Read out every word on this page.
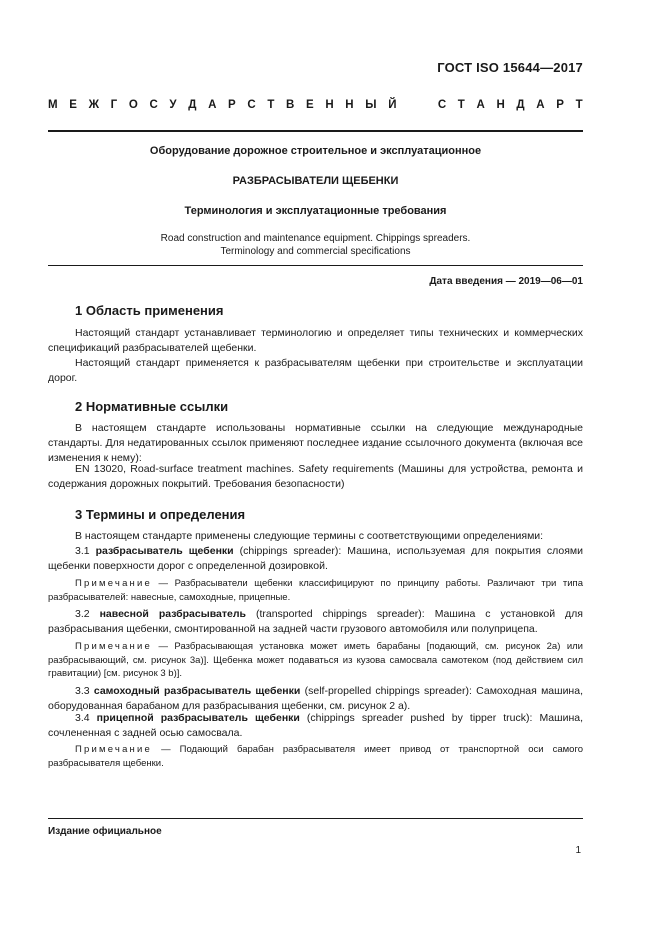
ГОСТ ISO 15644—2017
М Е Ж Г О С У Д А Р С Т В Е Н Н Ы Й

	С Т А Н Д А Р Т
Оборудование дорожное строительное и эксплуатационное
РАЗБРАСЫВАТЕЛИ ЩЕБЕНКИ
Терминология и эксплуатационные требования
Road construction and maintenance equipment. Chippings spreaders.
Terminology and commercial specifications
Дата введения — 2019—06—01
1 Область применения
Настоящий стандарт устанавливает терминологию и определяет типы технических и коммерческих спецификаций разбрасывателей щебенки.
Настоящий стандарт применяется к разбрасывателям щебенки при строительстве и эксплуатации дорог.
2 Нормативные ссылки
В настоящем стандарте использованы нормативные ссылки на следующие международные стандарты. Для недатированных ссылок применяют последнее издание ссылочного документа (включая все изменения к нему):
EN 13020, Road-surface treatment machines. Safety requirements (Машины для устройства, ремонта и содержания дорожных покрытий. Требования безопасности)
3 Термины и определения
В настоящем стандарте применены следующие термины с соответствующими определениями:
3.1 разбрасыватель щебенки (chippings spreader): Машина, используемая для покрытия слоями щебенки поверхности дорог с определенной дозировкой.
Примечание — Разбрасыватели щебенки классифицируют по принципу работы. Различают три типа разбрасывателей: навесные, самоходные, прицепные.
3.2 навесной разбрасыватель (transported chippings spreader): Машина с установкой для разбрасывания щебенки, смонтированной на задней части грузового автомобиля или полуприцепа.
Примечание — Разбрасывающая установка может иметь барабаны [подающий, см. рисунок 2а) или разбрасывающий, см. рисунок 3а)]. Щебенка может подаваться из кузова самосвала самотеком (под действием сил гравитации) [см. рисунок 3 b)].
3.3 самоходный разбрасыватель щебенки (self-propelled chippings spreader): Самоходная машина, оборудованная барабаном для разбрасывания щебенки, см. рисунок 2 а).
3.4 прицепной разбрасыватель щебенки (chippings spreader pushed by tipper truck): Машина, сочлененная с задней осью самосвала.
Примечание — Подающий барабан разбрасывателя имеет привод от транспортной оси самого разбрасывателя щебенки.
Издание официальное
1
